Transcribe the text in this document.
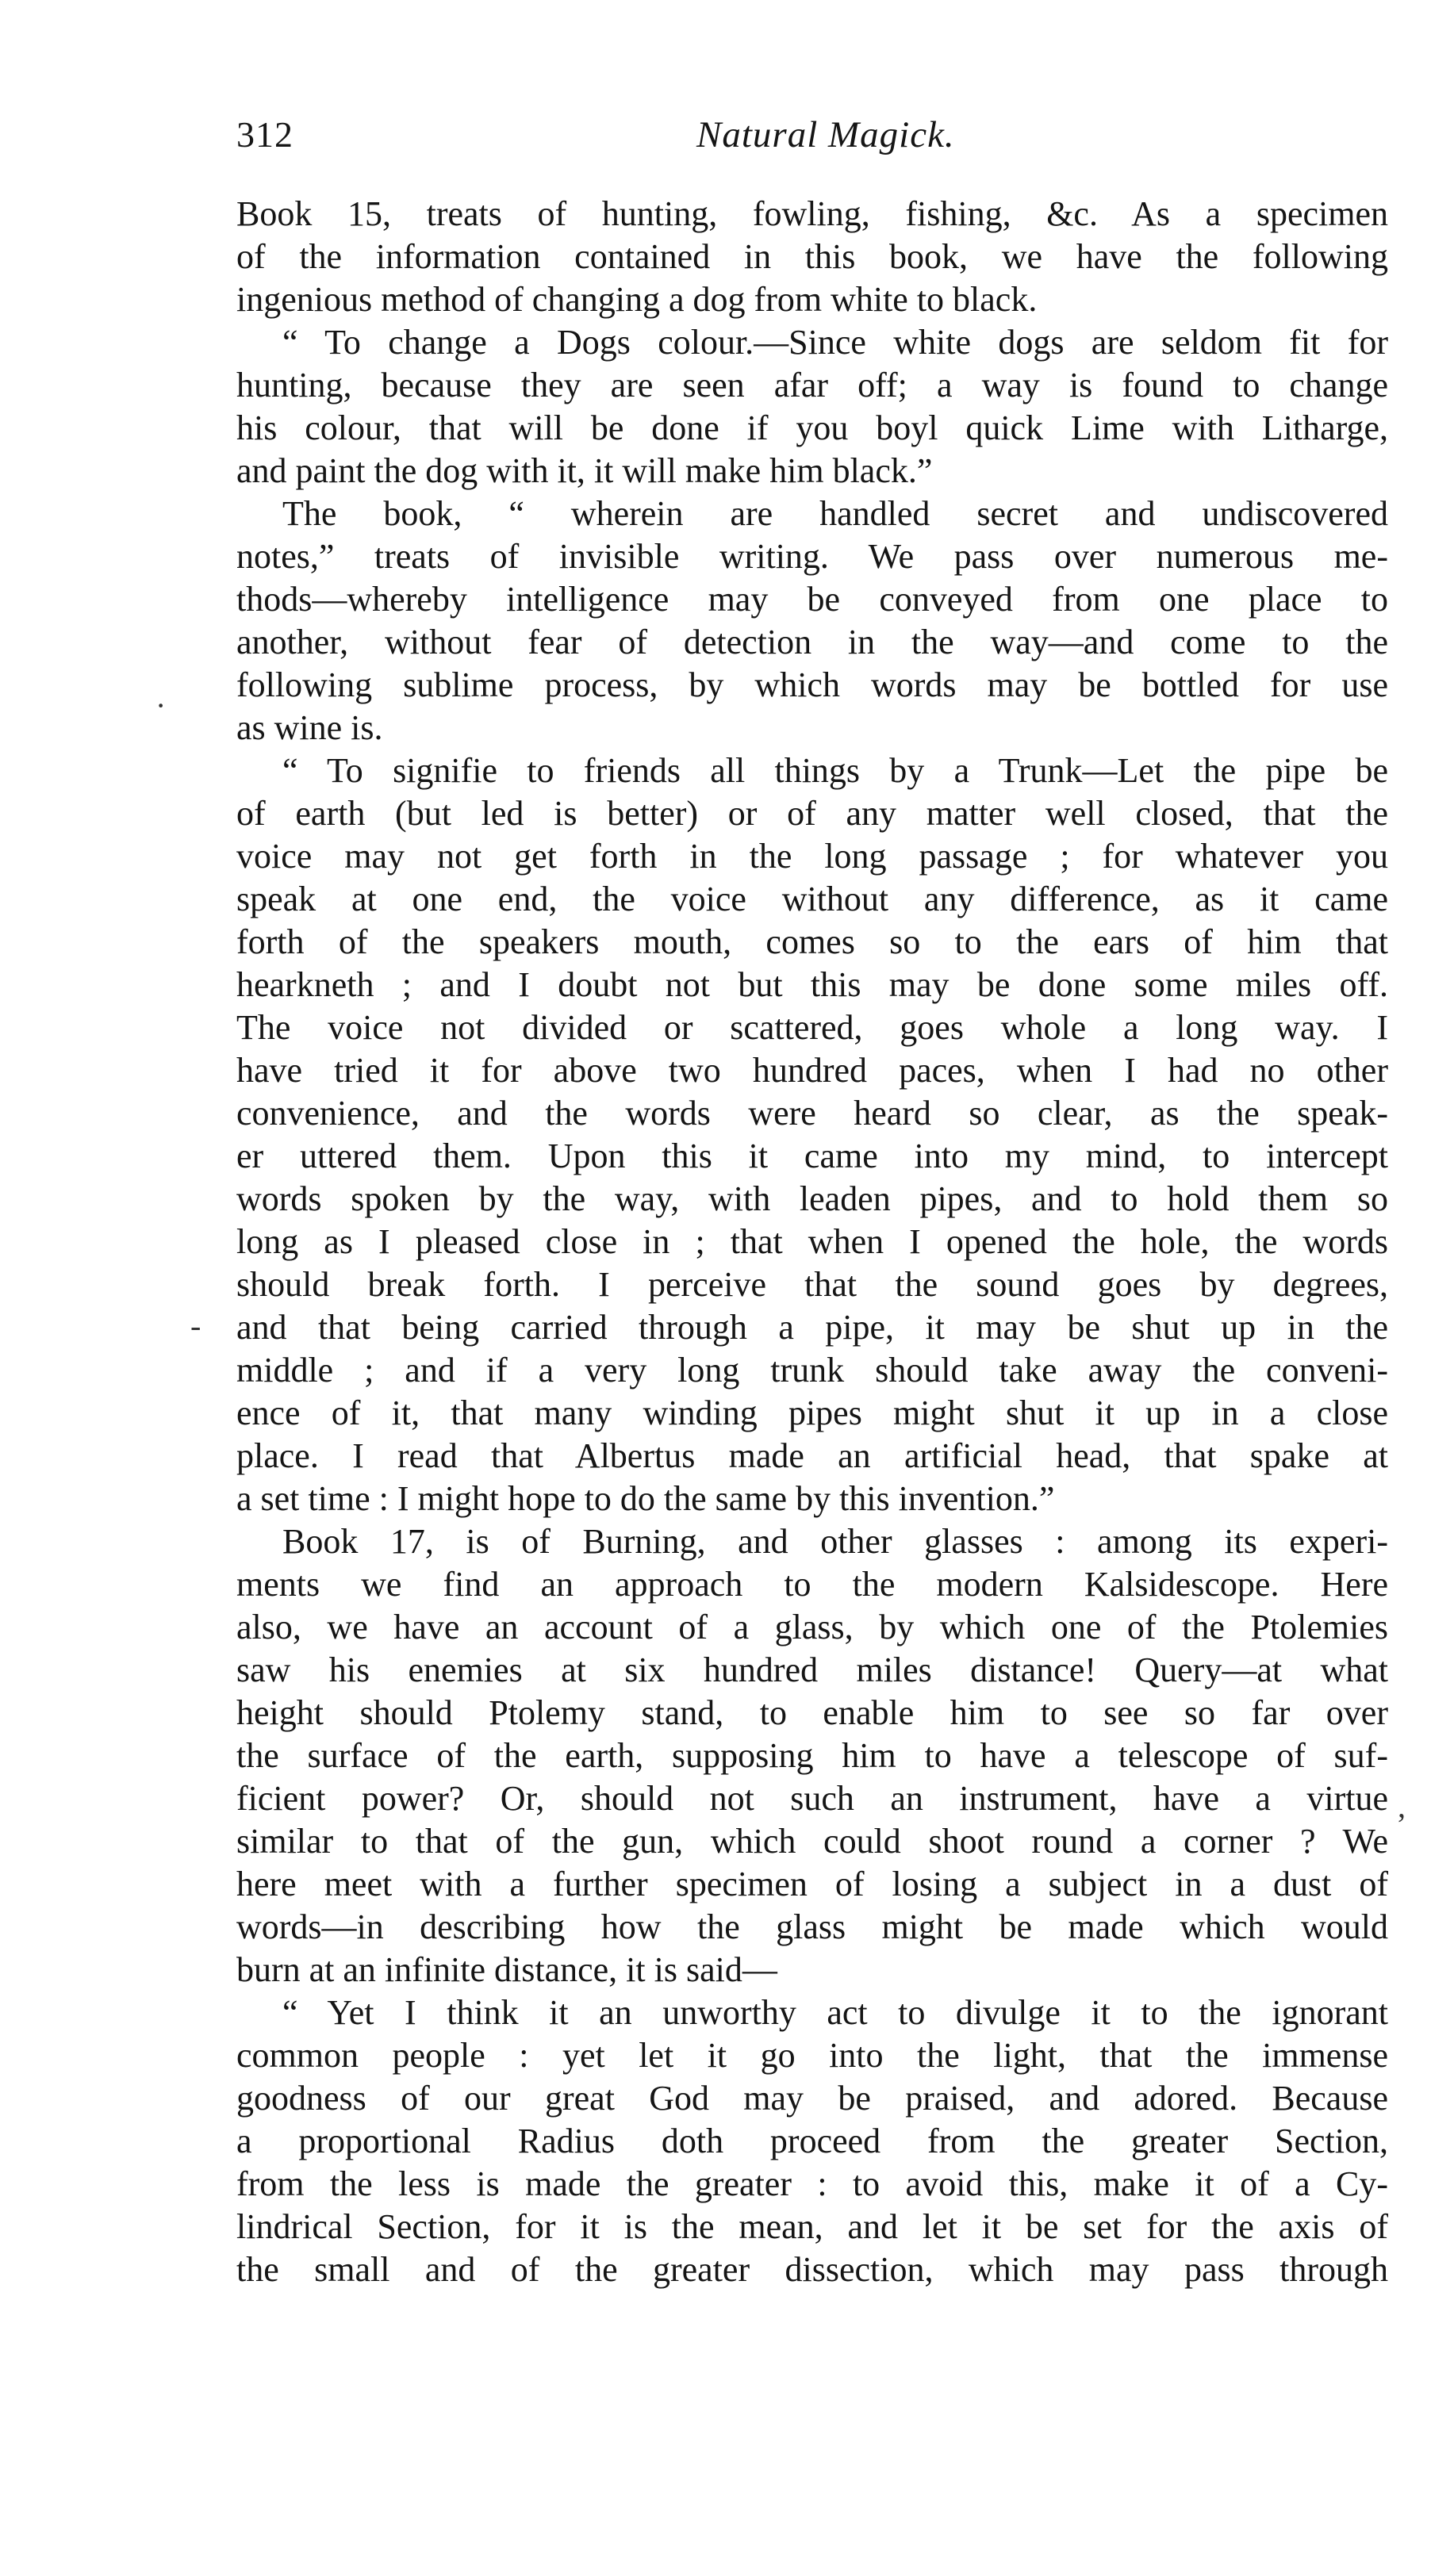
312	Natural Magick.
Book 15, treats of hunting, fowling, fishing, &c. As a specimen
of the information contained in this book, we have the following
ingenious method of changing a dog from white to black.
“ To change a Dogs colour.—Since white dogs are seldom fit for
hunting, because they are seen afar off; a way is found to change
his colour, that will be done if you boyl quick Lime with Litharge,
and paint the dog with it, it will make him black.”
The book, “ wherein are handled secret and undiscovered
notes,” treats of invisible writing. We pass over numerous me-
thods—whereby intelligence may be conveyed from one place to
another, without fear of detection in the way—and come to the
following sublime process, by which words may be bottled for use
as wine is.
“ To signifie to friends all things by a Trunk—Let the pipe be
of earth (but led is better) or of any matter well closed, that the
voice may not get forth in the long passage ; for whatever you
speak at one end, the voice without any difference, as it came
forth of the speakers mouth, comes so to the ears of him that
hearkneth ; and I doubt not but this may be done some miles off.
The voice not divided or scattered, goes whole a long way. I
have tried it for above two hundred paces, when I had no other
convenience, and the words were heard so clear, as the speak-
er uttered them. Upon this it came into my mind, to intercept
words spoken by the way, with leaden pipes, and to hold them so
long as I pleased close in ; that when I opened the hole, the words
should break forth. I perceive that the sound goes by degrees,
and that being carried through a pipe, it may be shut up in the
middle ; and if a very long trunk should take away the conveni-
ence of it, that many winding pipes might shut it up in a close
place. I read that Albertus made an artificial head, that spake at
a set time : I might hope to do the same by this invention.”
Book 17, is of Burning, and other glasses : among its experi-
ments we find an approach to the modern Kalsidescope. Here
also, we have an account of a glass, by which one of the Ptolemies
saw his enemies at six hundred miles distance! Query—at what
height should Ptolemy stand, to enable him to see so far over
the surface of the earth, supposing him to have a telescope of suf-
ficient power? Or, should not such an instrument, have a virtue
similar to that of the gun, which could shoot round a corner ? We
here meet with a further specimen of losing a subject in a dust of
words—in describing how the glass might be made which would
burn at an infinite distance, it is said—
“ Yet I think it an unworthy act to divulge it to the ignorant
common people : yet let it go into the light, that the immense
goodness of our great God may be praised, and adored. Because
a proportional Radius doth proceed from the greater Section,
from the less is made the greater : to avoid this, make it of a Cy-
lindrical Section, for it is the mean, and let it be set for the axis of
the small and of the greater dissection, which may pass through
·
-
,
